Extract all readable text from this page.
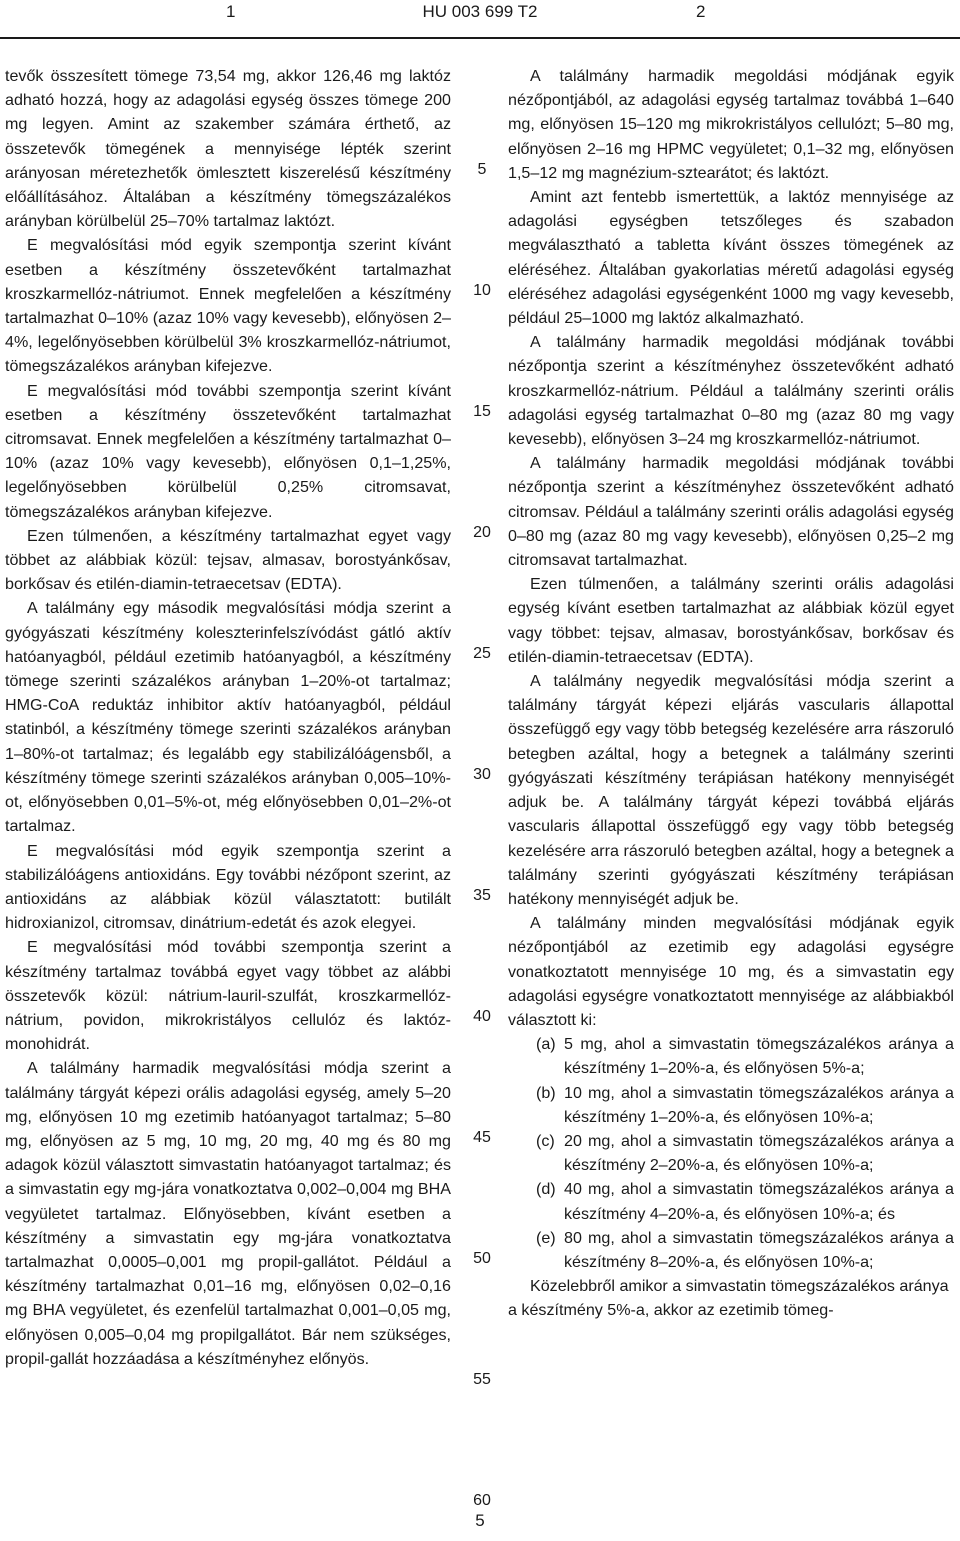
1	HU 003 699 T2	2

tevők összesített tömege 73,54 mg, akkor 126,46 mg laktóz adható hozzá, hogy az adagolási egység összes tömege 200 mg legyen. Amint az szakember számára érthető, az összetevők tömegének a mennyisége lépték szerint arányosan méretezhetők ömlesztett kiszerelésű készítmény előállításához. Általában a készítmény tömegszázalékos arányban körülbelül 25–70% tartalmaz laktózt.

E megvalósítási mód egyik szempontja szerint kívánt esetben a készítmény összetevőként tartalmazhat kroszkarmellóz-nátriumot. Ennek megfelelően a készítmény tartalmazhat 0–10% (azaz 10% vagy kevesebb), előnyösen 2–4%, legelőnyösebben körülbelül 3% kroszkarmellóz-nátriumot, tömegszázalékos arányban kifejezve.

E megvalósítási mód további szempontja szerint kívánt esetben a készítmény összetevőként tartalmazhat citromsavat. Ennek megfelelően a készítmény tartalmazhat 0–10% (azaz 10% vagy kevesebb), előnyösen 0,1–1,25%, legelőnyösebben körülbelül 0,25% citromsavat, tömegszázalékos arányban kifejezve.

Ezen túlmenően, a készítmény tartalmazhat egyet vagy többet az alábbiak közül: tejsav, almasav, borostyánkősav, borkősav és etilén-diamin-tetraecetsav (EDTA).

A találmány egy második megvalósítási módja szerint a gyógyászati készítmény koleszterinfelszívódást gátló aktív hatóanyagból, például ezetimib hatóanyagból, a készítmény tömege szerinti százalékos arányban 1–20%-ot tartalmaz; HMG-CoA reduktáz inhibitor aktív hatóanyagból, például statinból, a készítmény tömege szerinti százalékos arányban 1–80%-ot tartalmaz; és legalább egy stabilizálóágensből, a készítmény tömege szerinti százalékos arányban 0,005–10%-ot, előnyösebben 0,01–5%-ot, még előnyösebben 0,01–2%-ot tartalmaz.

E megvalósítási mód egyik szempontja szerint a stabilizálóágens antioxidáns. Egy további nézőpont szerint, az antioxidáns az alábbiak közül választatott: butilált hidroxianizol, citromsav, dinátrium-edetát és azok elegyei.

E megvalósítási mód további szempontja szerint a készítmény tartalmaz továbbá egyet vagy többet az alábbi összetevők közül: nátrium-lauril-szulfát, kroszkarmellóz-nátrium, povidon, mikrokristályos cellulóz és laktóz-monohidrát.

A találmány harmadik megvalósítási módja szerint a találmány tárgyát képezi orális adagolási egység, amely 5–20 mg, előnyösen 10 mg ezetimib hatóanyagot tartalmaz; 5–80 mg, előnyösen az 5 mg, 10 mg, 20 mg, 40 mg és 80 mg adagok közül választott simvastatin hatóanyagot tartalmaz; és a simvastatin egy mg-jára vonatkoztatva 0,002–0,004 mg BHA vegyületet tartalmaz. Előnyösebben, kívánt esetben a készítmény a simvastatin egy mg-jára vonatkoztatva tartalmazhat 0,0005–0,001 mg propil-gallátot. Például a készítmény tartalmazhat 0,01–16 mg, előnyösen 0,02–0,16 mg BHA vegyületet, és ezenfelül tartalmazhat 0,001–0,05 mg, előnyösen 0,005–0,04 mg propilgallátot. Bár nem szükséges, propil-gallát hozzáadása a készítményhez előnyös.

5
10
15
20
25
30
35
40
45
50
55
60

A találmány harmadik megoldási módjának egyik nézőpontjából, az adagolási egység tartalmaz továbbá 1–640 mg, előnyösen 15–120 mg mikrokristályos cellulózt; 5–80 mg, előnyösen 2–16 mg HPMC vegyületet; 0,1–32 mg, előnyösen 1,5–12 mg magnézium-sztearátot; és laktózt.

Amint azt fentebb ismertettük, a laktóz mennyisége az adagolási egységben tetszőleges és szabadon megválasztható a tabletta kívánt összes tömegének az eléréséhez. Általában gyakorlatias méretű adagolási egység eléréséhez adagolási egységenként 1000 mg vagy kevesebb, például 25–1000 mg laktóz alkalmazható.

A találmány harmadik megoldási módjának további nézőpontja szerint a készítményhez összetevőként adható kroszkarmellóz-nátrium. Például a találmány szerinti orális adagolási egység tartalmazhat 0–80 mg (azaz 80 mg vagy kevesebb), előnyösen 3–24 mg kroszkarmellóz-nátriumot.

A találmány harmadik megoldási módjának további nézőpontja szerint a készítményhez összetevőként adható citromsav. Például a találmány szerinti orális adagolási egység 0–80 mg (azaz 80 mg vagy kevesebb), előnyösen 0,25–2 mg citromsavat tartalmazhat.

Ezen túlmenően, a találmány szerinti orális adagolási egység kívánt esetben tartalmazhat az alábbiak közül egyet vagy többet: tejsav, almasav, borostyánkősav, borkősav és etilén-diamin-tetraecetsav (EDTA).

A találmány negyedik megvalósítási módja szerint a találmány tárgyát képezi eljárás vascularis állapottal összefüggő egy vagy több betegség kezelésére arra rászoruló betegben azáltal, hogy a betegnek a találmány szerinti gyógyászati készítmény terápiásan hatékony mennyiségét adjuk be. A találmány tárgyát képezi továbbá eljárás vascularis állapottal összefüggő egy vagy több betegség kezelésére arra rászoruló betegben azáltal, hogy a betegnek a találmány szerinti gyógyászati készítmény terápiásan hatékony mennyiségét adjuk be.

A találmány minden megvalósítási módjának egyik nézőpontjából az ezetimib egy adagolási egységre vonatkoztatott mennyisége 10 mg, és a simvastatin egy adagolási egységre vonatkoztatott mennyisége az alábbiakból választott ki:

(a) 5 mg, ahol a simvastatin tömegszázalékos aránya a készítmény 1–20%-a, és előnyösen 5%-a;
(b) 10 mg, ahol a simvastatin tömegszázalékos aránya a készítmény 1–20%-a, és előnyösen 10%-a;
(c) 20 mg, ahol a simvastatin tömegszázalékos aránya a készítmény 2–20%-a, és előnyösen 10%-a;
(d) 40 mg, ahol a simvastatin tömegszázalékos aránya a készítmény 4–20%-a, és előnyösen 10%-a; és
(e) 80 mg, ahol a simvastatin tömegszázalékos aránya a készítmény 8–20%-a, és előnyösen 10%-a;

Közelebbről amikor a simvastatin tömegszázalékos aránya a készítmény 5%-a, akkor az ezetimib tömeg-

5
